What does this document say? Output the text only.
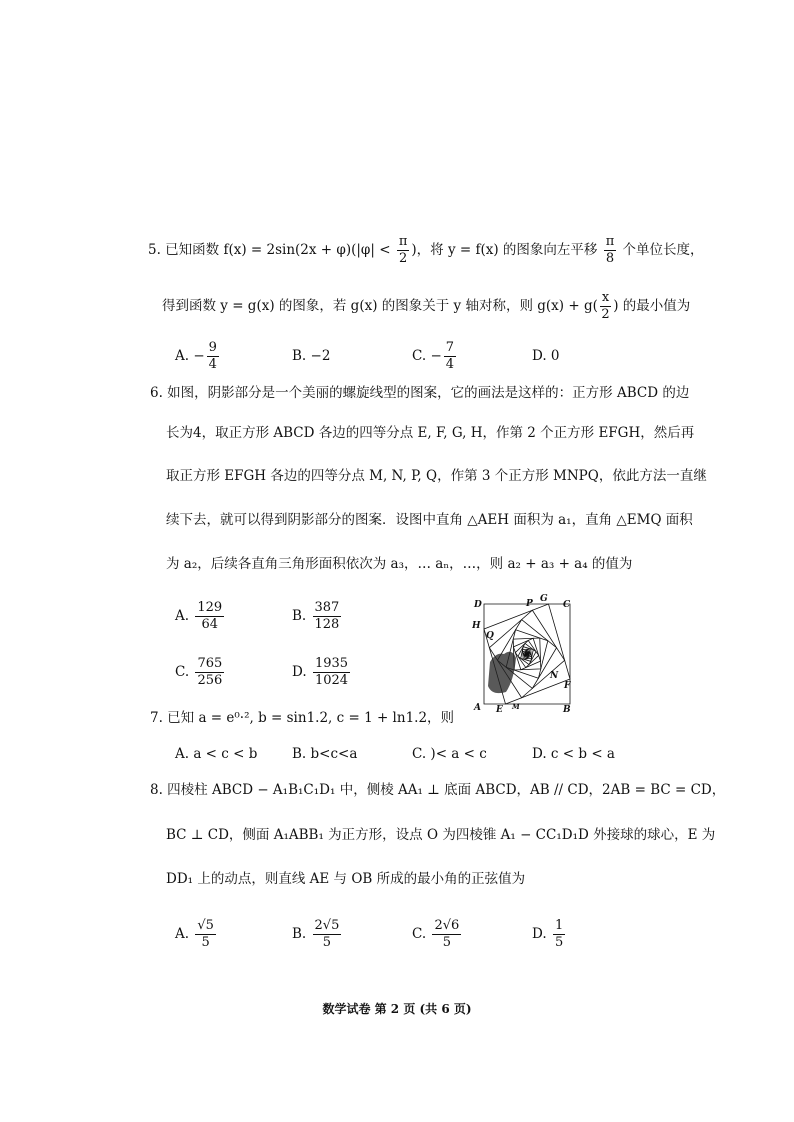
5. 已知函数 $f(x) = 2\sin(2x + \varphi)(|\varphi| < \frac{\pi}{2}$ )，将 y = f(x) 的图象向左平移 $\frac{\pi}{8}$ 个单位长度，
得到函数 y = g(x) 的图象，若 g(x) 的图象关于 y 轴对称，则 $g(x) + g( \frac{x}{2}$ ) 的最小值为
A. − $\frac{9}{4}$	B. −2	C. − $\frac{7}{4}$	D. 0
6. 如图，阴影部分是一个美丽的螺旋线型的图案，它的画法是这样的：正方形 ABCD 的边
长为4，取正方形 ABCD 各边的四等分点 E, F, G, H，作第 2 个正方形 EFGH，然后再
取正方形 EFGH 各边的四等分点 M, N, P, Q，作第 3 个正方形 MNPQ，依此方法一直继
续下去，就可以得到阴影部分的图案．设图中直角 △AEH 面积为 a₁，直角 △EMQ 面积
为 a₂，后续各直角三角形面积依次为 a₃，… aₙ，…，则 a₂ + a₃ + a₄ 的值为
A. $\frac{129}{64}$	B. $\frac{387}{128}$
C. $\frac{765}{256}$	D. $\frac{1935}{1024}$
D	P G
C
H
Q
N
F
A E M	B
7. 已知 a = e⁰·², b = sin1.2, c = 1 + ln1.2，则
A. a < c < b	B. b<c<a	C. )< a < c	D. c < b < a
8. 四棱柱 ABCD − A₁B₁C₁D₁ 中，侧棱 AA₁ ⊥ 底面 ABCD，AB // CD，2AB = BC = CD，
BC ⊥ CD，侧面 A₁ABB₁ 为正方形，设点 O 为四棱锥 A₁ − CC₁D₁D 外接球的球心，E 为
DD₁ 上的动点，则直线 AE 与 OB 所成的最小角的正弦值为
A. $\frac{√5}{5}$	B. $\frac{2√5}{5}$	C. $\frac{2√6}{5}$	D. $\frac{1}{5}$
数学试卷 第 2 页 (共 6 页)
